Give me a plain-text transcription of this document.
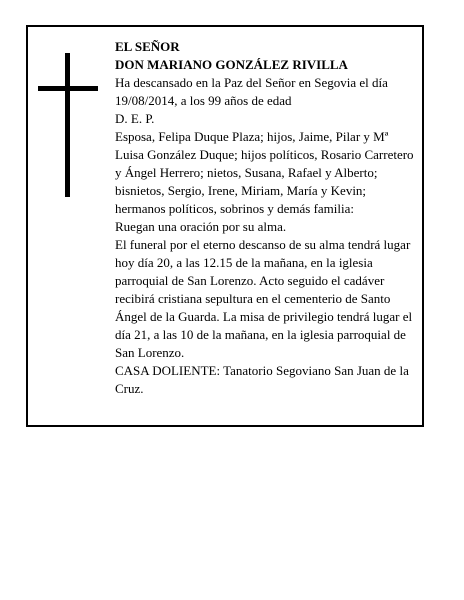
EL SEÑOR

DON MARIANO GONZÁLEZ RIVILLA

Ha descansado en la Paz del Señor en Segovia el día 19/08/2014, a los 99 años de edad

D. E. P.

Esposa, Felipa Duque Plaza; hijos, Jaime, Pilar y Mª Luisa González Duque; hijos políticos, Rosario Carretero y Ángel Herrero; nietos, Susana, Rafael y Alberto; bisnietos, Sergio, Irene, Miriam, María y Kevin; hermanos políticos, sobrinos y demás familia:

Ruegan una oración por su alma.

El funeral por el eterno descanso de su alma tendrá lugar hoy día 20, a las 12.15 de la mañana, en la iglesia parroquial de San Lorenzo. Acto seguido el cadáver recibirá cristiana sepultura en el cementerio de Santo Ángel de la Guarda. La misa de privilegio tendrá lugar el día 21, a las 10 de la mañana, en la iglesia parroquial de San Lorenzo.

CASA DOLIENTE: Tanatorio Segoviano San Juan de la Cruz.
